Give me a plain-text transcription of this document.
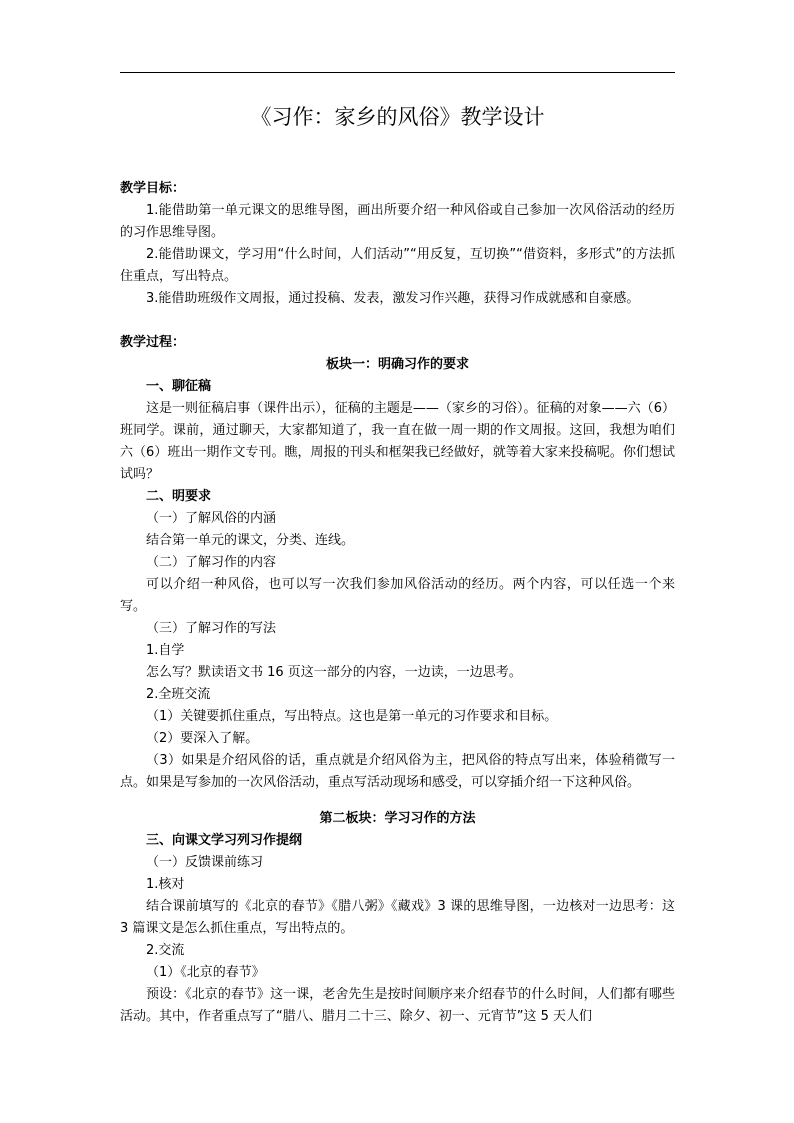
《习作：家乡的风俗》教学设计

教学目标：

1.能借助第一单元课文的思维导图，画出所要介绍一种风俗或自己参加一次风俗活动的经历的习作思维导图。

2.能借助课文，学习用“什么时间，人们活动”“用反复，互切换”“借资料，多形式”的方法抓住重点，写出特点。

3.能借助班级作文周报，通过投稿、发表，激发习作兴趣，获得习作成就感和自豪感。

教学过程：

板块一：明确习作的要求

一、聊征稿

这是一则征稿启事（课件出示），征稿的主题是——（家乡的习俗）。征稿的对象——六（6）班同学。课前，通过聊天，大家都知道了，我一直在做一周一期的作文周报。这回，我想为咱们六（6）班出一期作文专刊。瞧，周报的刊头和框架我已经做好，就等着大家来投稿呢。你们想试试吗？

二、明要求

（一）了解风俗的内涵

结合第一单元的课文，分类、连线。

（二）了解习作的内容

可以介绍一种风俗，也可以写一次我们参加风俗活动的经历。两个内容，可以任选一个来写。

（三）了解习作的写法

1.自学

怎么写？默读语文书 16 页这一部分的内容，一边读，一边思考。

2.全班交流

（1）关键要抓住重点，写出特点。这也是第一单元的习作要求和目标。

（2）要深入了解。

（3）如果是介绍风俗的话，重点就是介绍风俗为主，把风俗的特点写出来，体验稍微写一点。如果是写参加的一次风俗活动，重点写活动现场和感受，可以穿插介绍一下这种风俗。

第二板块：学习习作的方法

三、向课文学习列习作提纲

（一）反馈课前练习

1.核对

结合课前填写的《北京的春节》《腊八粥》《藏戏》3 课的思维导图，一边核对一边思考：这 3 篇课文是怎么抓住重点，写出特点的。

2.交流

（1）《北京的春节》

预设：《北京的春节》这一课，老舍先生是按时间顺序来介绍春节的什么时间，人们都有哪些活动。其中，作者重点写了“腊八、腊月二十三、除夕、初一、元宵节”这 5 天人们
